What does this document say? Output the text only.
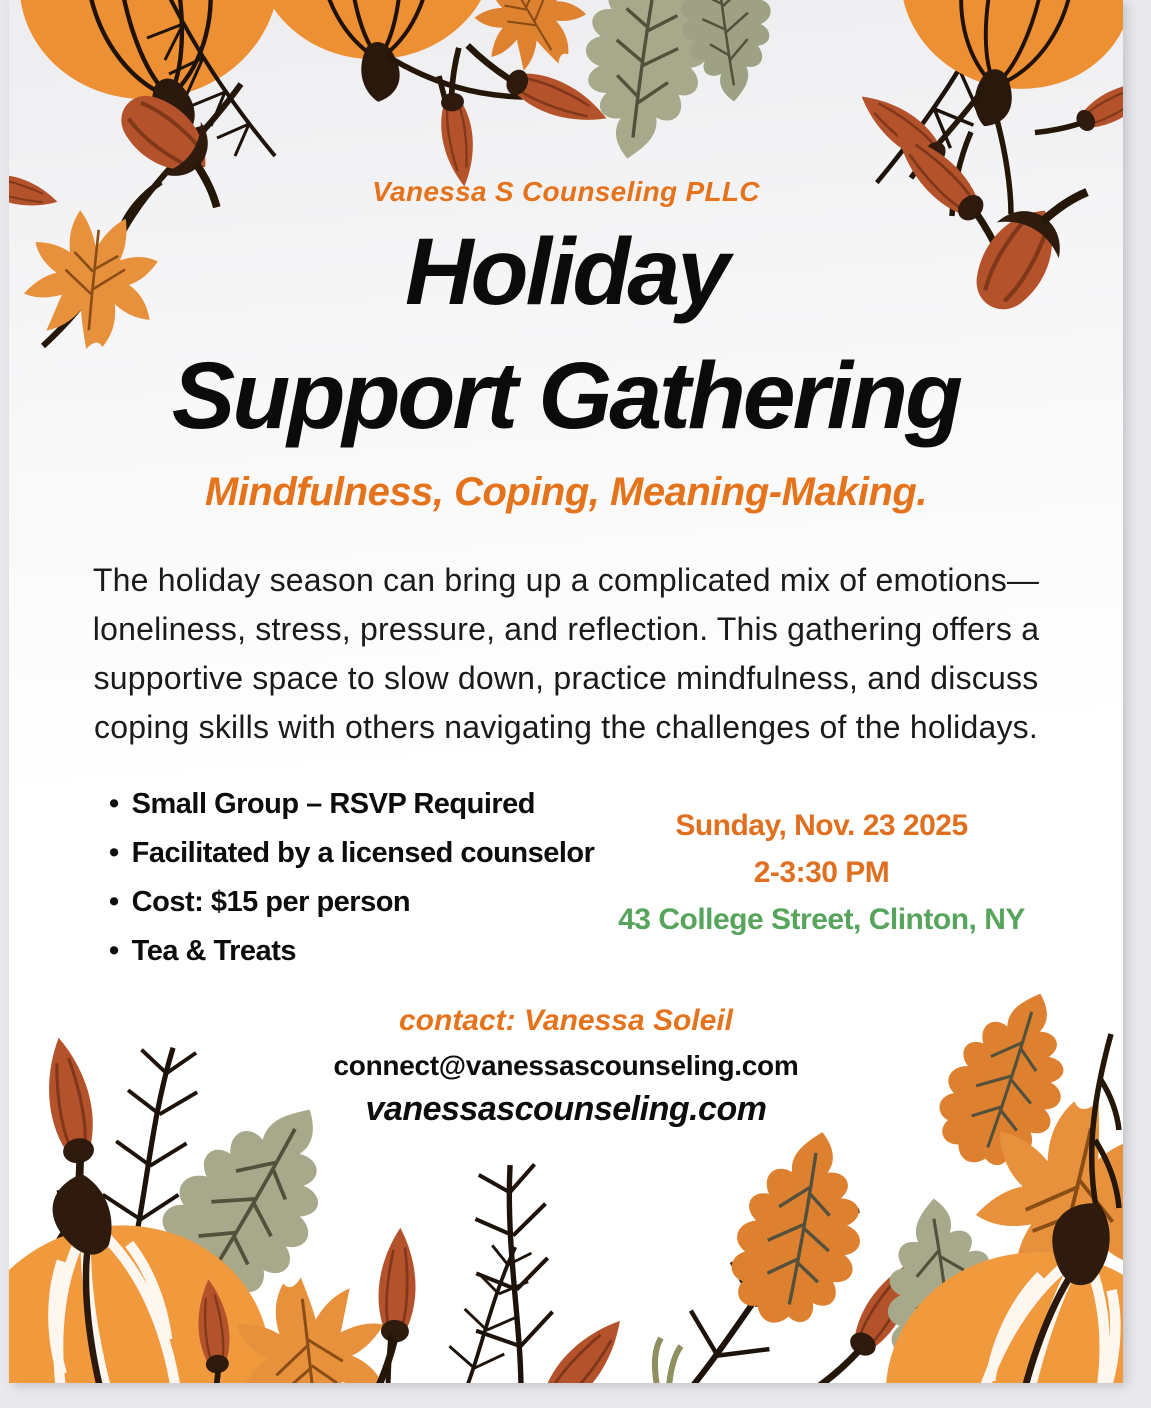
Vanessa S Counseling PLLC
Holiday
Support Gathering
Mindfulness, Coping, Meaning-Making.
The holiday season can bring up a complicated mix of emotions—
loneliness, stress, pressure, and reflection. This gathering offers a
supportive space to slow down, practice mindfulness, and discuss
coping skills with others navigating the challenges of the holidays.
• Small Group – RSVP Required
• Facilitated by a licensed counselor
• Cost: $15 per person
• Tea & Treats
Sunday, Nov. 23 2025
2-3:30 PM
43 College Street, Clinton, NY
contact: Vanessa Soleil
connect@vanessascounseling.com
vanessascounseling.com
